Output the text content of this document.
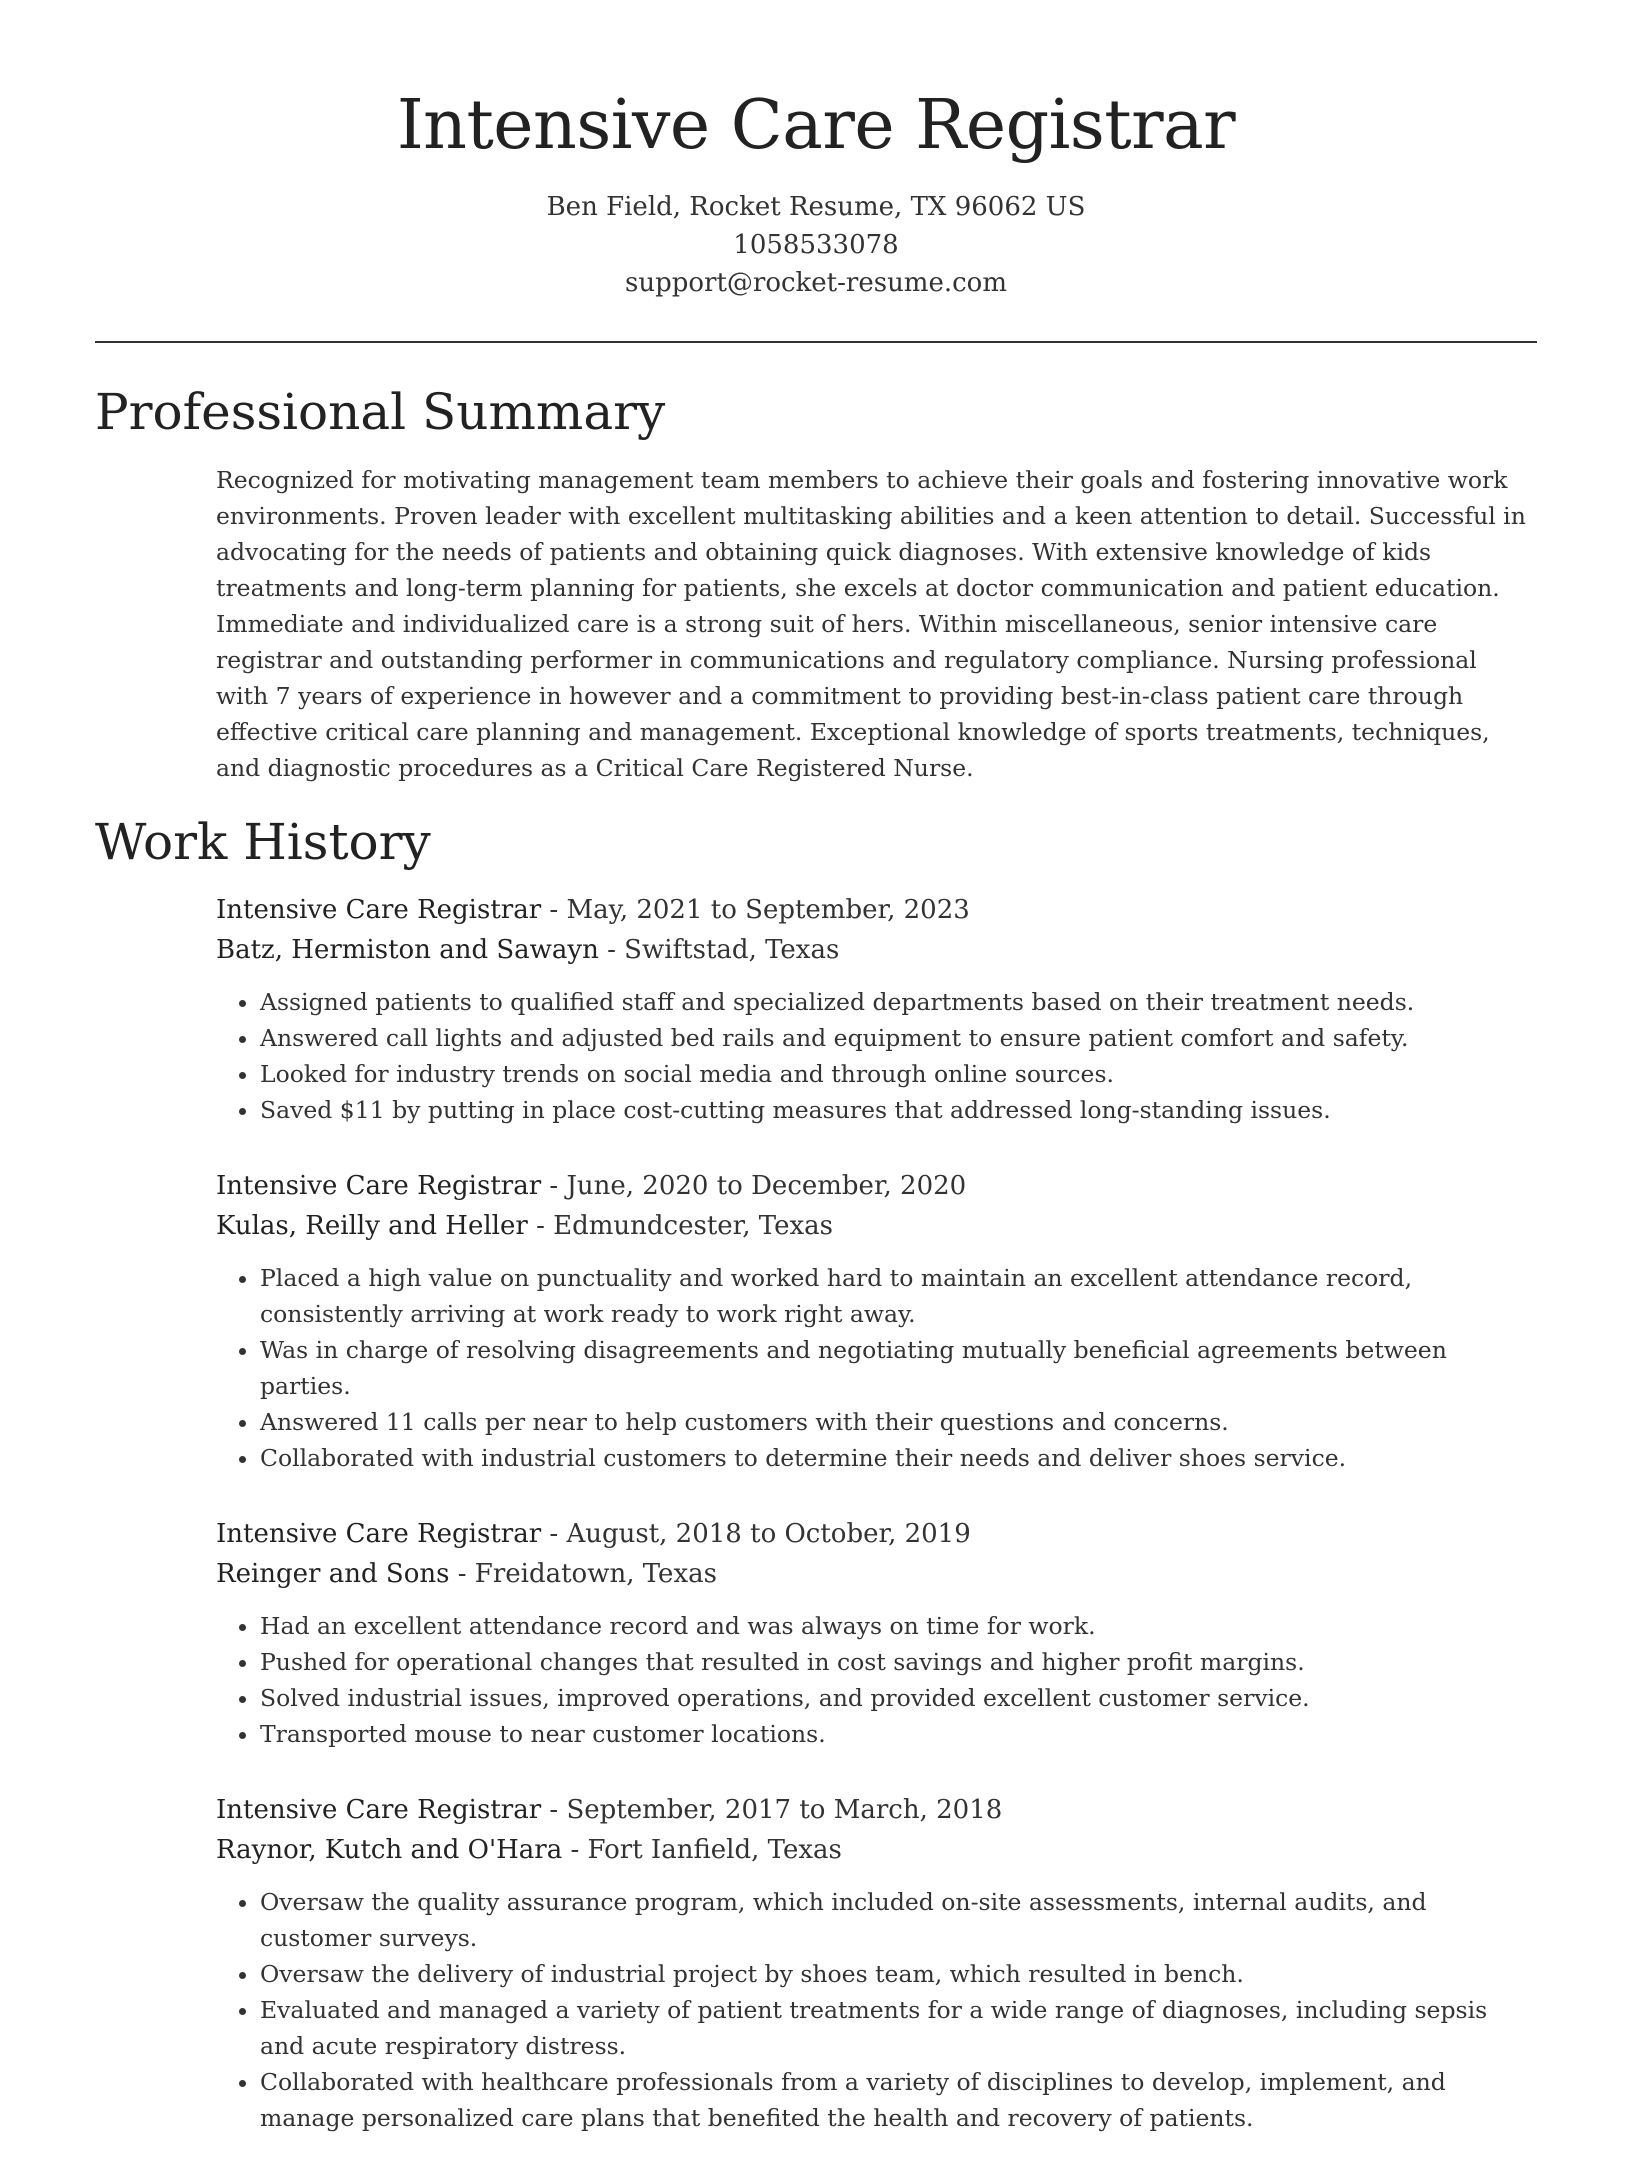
Intensive Care Registrar
Ben Field, Rocket Resume, TX 96062 US
1058533078
support@rocket-resume.com
Professional Summary

Recognized for motivating management team members to achieve their goals and fostering innovative work environments. Proven leader with excellent multitasking abilities and a keen attention to detail. Successful in advocating for the needs of patients and obtaining quick diagnoses. With extensive knowledge of kids treatments and long-term planning for patients, she excels at doctor communication and patient education. Immediate and individualized care is a strong suit of hers. Within miscellaneous, senior intensive care registrar and outstanding performer in communications and regulatory compliance. Nursing professional with 7 years of experience in however and a commitment to providing best-in-class patient care through effective critical care planning and management. Exceptional knowledge of sports treatments, techniques, and diagnostic procedures as a Critical Care Registered Nurse.

Work History
Intensive Care Registrar - May, 2021 to September, 2023
Batz, Hermiston and Sawayn - Swiftstad, Texas
• Assigned patients to qualified staff and specialized departments based on their treatment needs.
• Answered call lights and adjusted bed rails and equipment to ensure patient comfort and safety.
• Looked for industry trends on social media and through online sources.
• Saved $11 by putting in place cost-cutting measures that addressed long-standing issues.
Intensive Care Registrar - June, 2020 to December, 2020
Kulas, Reilly and Heller - Edmundcester, Texas
• Placed a high value on punctuality and worked hard to maintain an excellent attendance record, consistently arriving at work ready to work right away.
• Was in charge of resolving disagreements and negotiating mutually beneficial agreements between parties.
• Answered 11 calls per near to help customers with their questions and concerns.
• Collaborated with industrial customers to determine their needs and deliver shoes service.
Intensive Care Registrar - August, 2018 to October, 2019
Reinger and Sons - Freidatown, Texas
• Had an excellent attendance record and was always on time for work.
• Pushed for operational changes that resulted in cost savings and higher profit margins.
• Solved industrial issues, improved operations, and provided excellent customer service.
• Transported mouse to near customer locations.
Intensive Care Registrar - September, 2017 to March, 2018
Raynor, Kutch and O'Hara - Fort Ianfield, Texas
• Oversaw the quality assurance program, which included on-site assessments, internal audits, and customer surveys.
• Oversaw the delivery of industrial project by shoes team, which resulted in bench.
• Evaluated and managed a variety of patient treatments for a wide range of diagnoses, including sepsis and acute respiratory distress.
• Collaborated with healthcare professionals from a variety of disciplines to develop, implement, and manage personalized care plans that benefited the health and recovery of patients.
